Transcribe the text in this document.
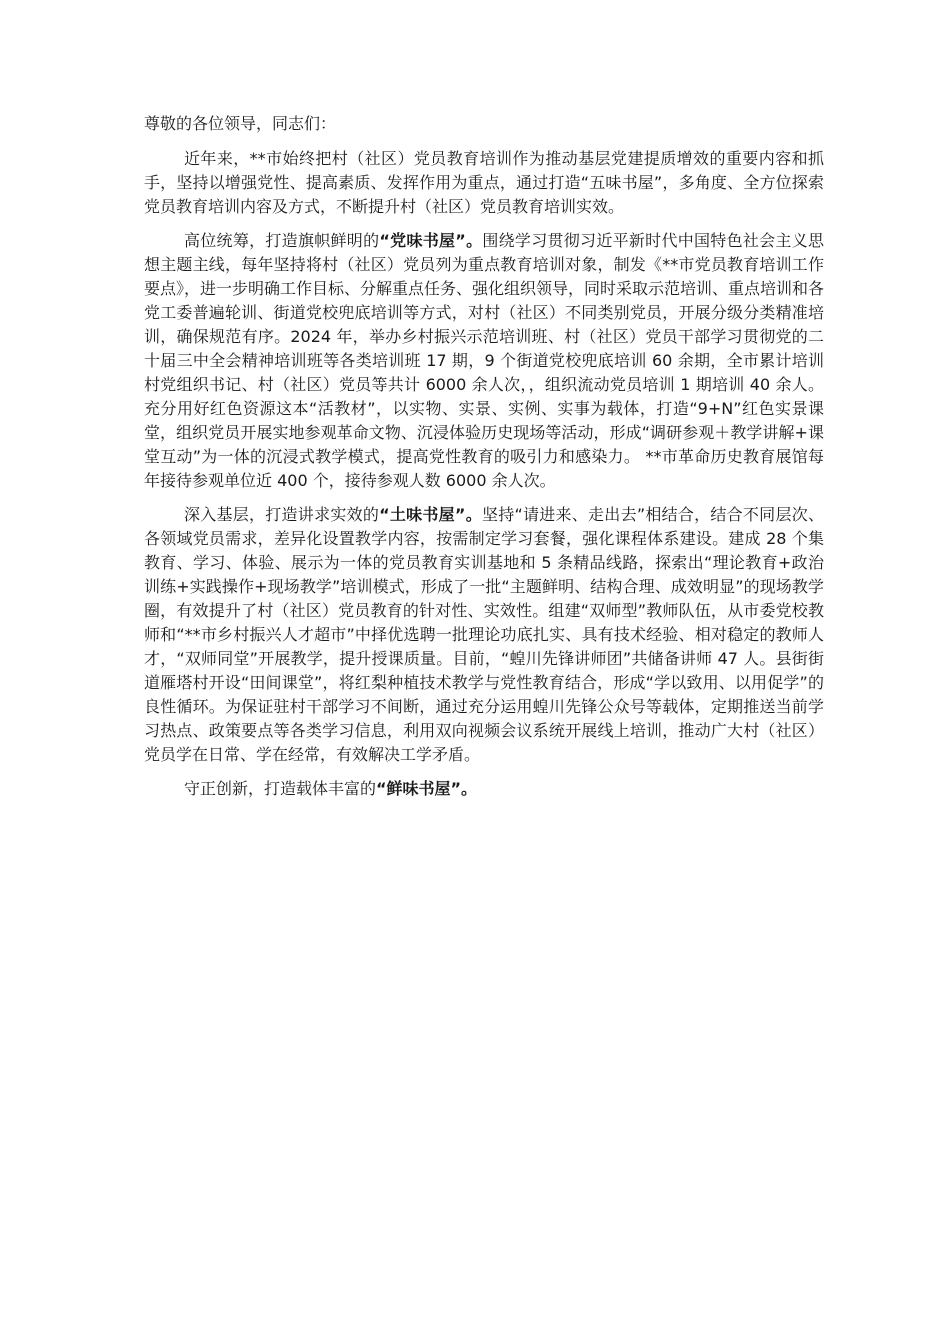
尊敬的各位领导，同志们：

近年来，**市始终把村（社区）党员教育培训作为推动基层党建提质增效的重要内容和抓手，坚持以增强党性、提高素质、发挥作用为重点，通过打造“五味书屋”，多角度、全方位探索党员教育培训内容及方式，不断提升村（社区）党员教育培训实效。

高位统筹，打造旗帜鲜明的“党味书屋”。围绕学习贯彻习近平新时代中国特色社会主义思想主题主线，每年坚持将村（社区）党员列为重点教育培训对象，制发《**市党员教育培训工作要点》，进一步明确工作目标、分解重点任务、强化组织领导，同时采取示范培训、重点培训和各党工委普遍轮训、街道党校兜底培训等方式，对村（社区）不同类别党员，开展分级分类精准培训，确保规范有序。2024 年，举办乡村振兴示范培训班、村（社区）党员干部学习贯彻党的二十届三中全会精神培训班等各类培训班 17 期，9 个街道党校兜底培训 60 余期，全市累计培训村党组织书记、村（社区）党员等共计 6000 余人次，，组织流动党员培训 1 期培训 40 余人。充分用好红色资源这本“活教材”，以实物、实景、实例、实事为载体，打造“9+N”红色实景课堂，组织党员开展实地参观革命文物、沉浸体验历史现场等活动，形成“调研参观＋教学讲解+课堂互动”为一体的沉浸式教学模式，提高党性教育的吸引力和感染力。 **市革命历史教育展馆每年接待参观单位近 400 个，接待参观人数 6000 余人次。

深入基层，打造讲求实效的“土味书屋”。坚持“请进来、走出去”相结合，结合不同层次、各领域党员需求，差异化设置教学内容，按需制定学习套餐，强化课程体系建设。建成 28 个集教育、学习、体验、展示为一体的党员教育实训基地和 5 条精品线路，探索出“理论教育+政治训练+实践操作+现场教学”培训模式，形成了一批“主题鲜明、结构合理、成效明显”的现场教学圈，有效提升了村（社区）党员教育的针对性、实效性。组建“双师型”教师队伍，从市委党校教师和“**市乡村振兴人才超市”中择优选聘一批理论功底扎实、具有技术经验、相对稳定的教师人才，“双师同堂”开展教学，提升授课质量。目前，“蝗川先锋讲师团”共储备讲师 47 人。县街街道雁塔村开设“田间课堂”，将红梨种植技术教学与党性教育结合，形成“学以致用、以用促学”的良性循环。为保证驻村干部学习不间断，通过充分运用蝗川先锋公众号等载体，定期推送当前学习热点、政策要点等各类学习信息，利用双向视频会议系统开展线上培训，推动广大村（社区）党员学在日常、学在经常，有效解决工学矛盾。

守正创新，打造载体丰富的“鲜味书屋”。
